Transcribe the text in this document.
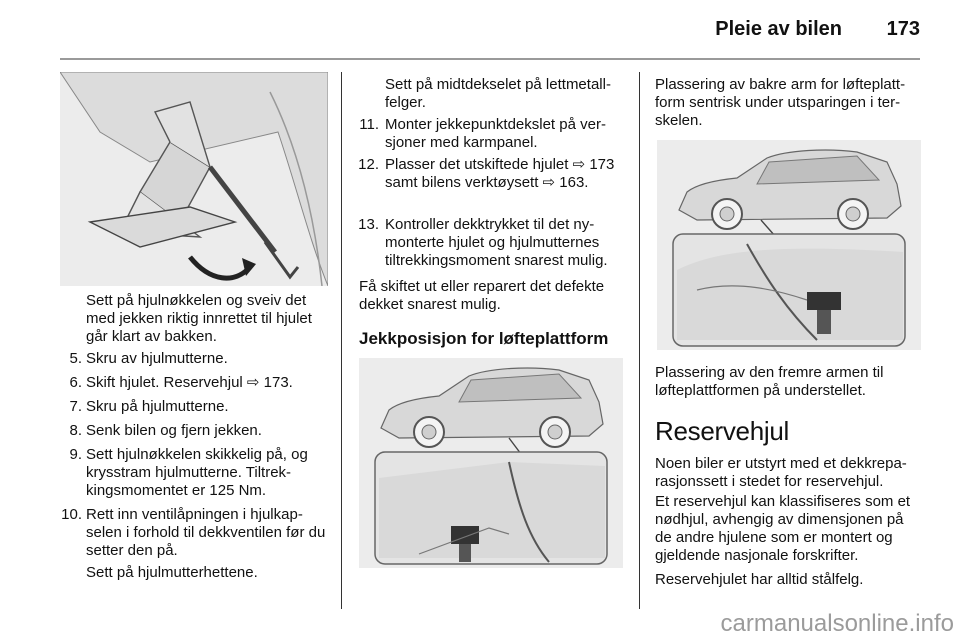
Pleie av bilen 173

Sett på hjulnøkkelen og sveiv det med jekken riktig innrettet til hjulet går klart av bakken.

5. Skru av hjulmutterne.

6. Skift hjulet. Reservehjul ⇨ 173.

7. Skru på hjulmutterne.

8. Senk bilen og fjern jekken.

9. Sett hjulnøkkelen skikkelig på, og krysstram hjulmutterne. Tiltrekkingsmomentet er 125 Nm.

10. Rett inn ventilåpningen i hjulkapselen i forhold til dekkventilen før du setter den på.

Sett på hjulmutterhettene.

Sett på midtdekselet på lettmetallfelger.

11. Monter jekkepunktdekslet på versjoner med karmpanel.

12. Plasser det utskiftede hjulet ⇨ 173 samt bilens verktøysett ⇨ 163.

13. Kontroller dekktrykket til det nymonterte hjulet og hjulmutternes tiltrekkingsmoment snarest mulig.

Få skiftet ut eller reparert det defekte dekket snarest mulig.

Jekkposisjon for løfteplattform

Plassering av bakre arm for løfteplattform sentrisk under utsparingen i terskelen.

Plassering av den fremre armen til løfteplattformen på understellet.

Reservehjul

Noen biler er utstyrt med et dekkreparasjonssett i stedet for reservehjul.

Et reservehjul kan klassifiseres som et nødhjul, avhengig av dimensjonen på de andre hjulene som er montert og gjeldende nasjonale forskrifter.

Reservehjulet har alltid stålfelg.

carmanualsonline.info
